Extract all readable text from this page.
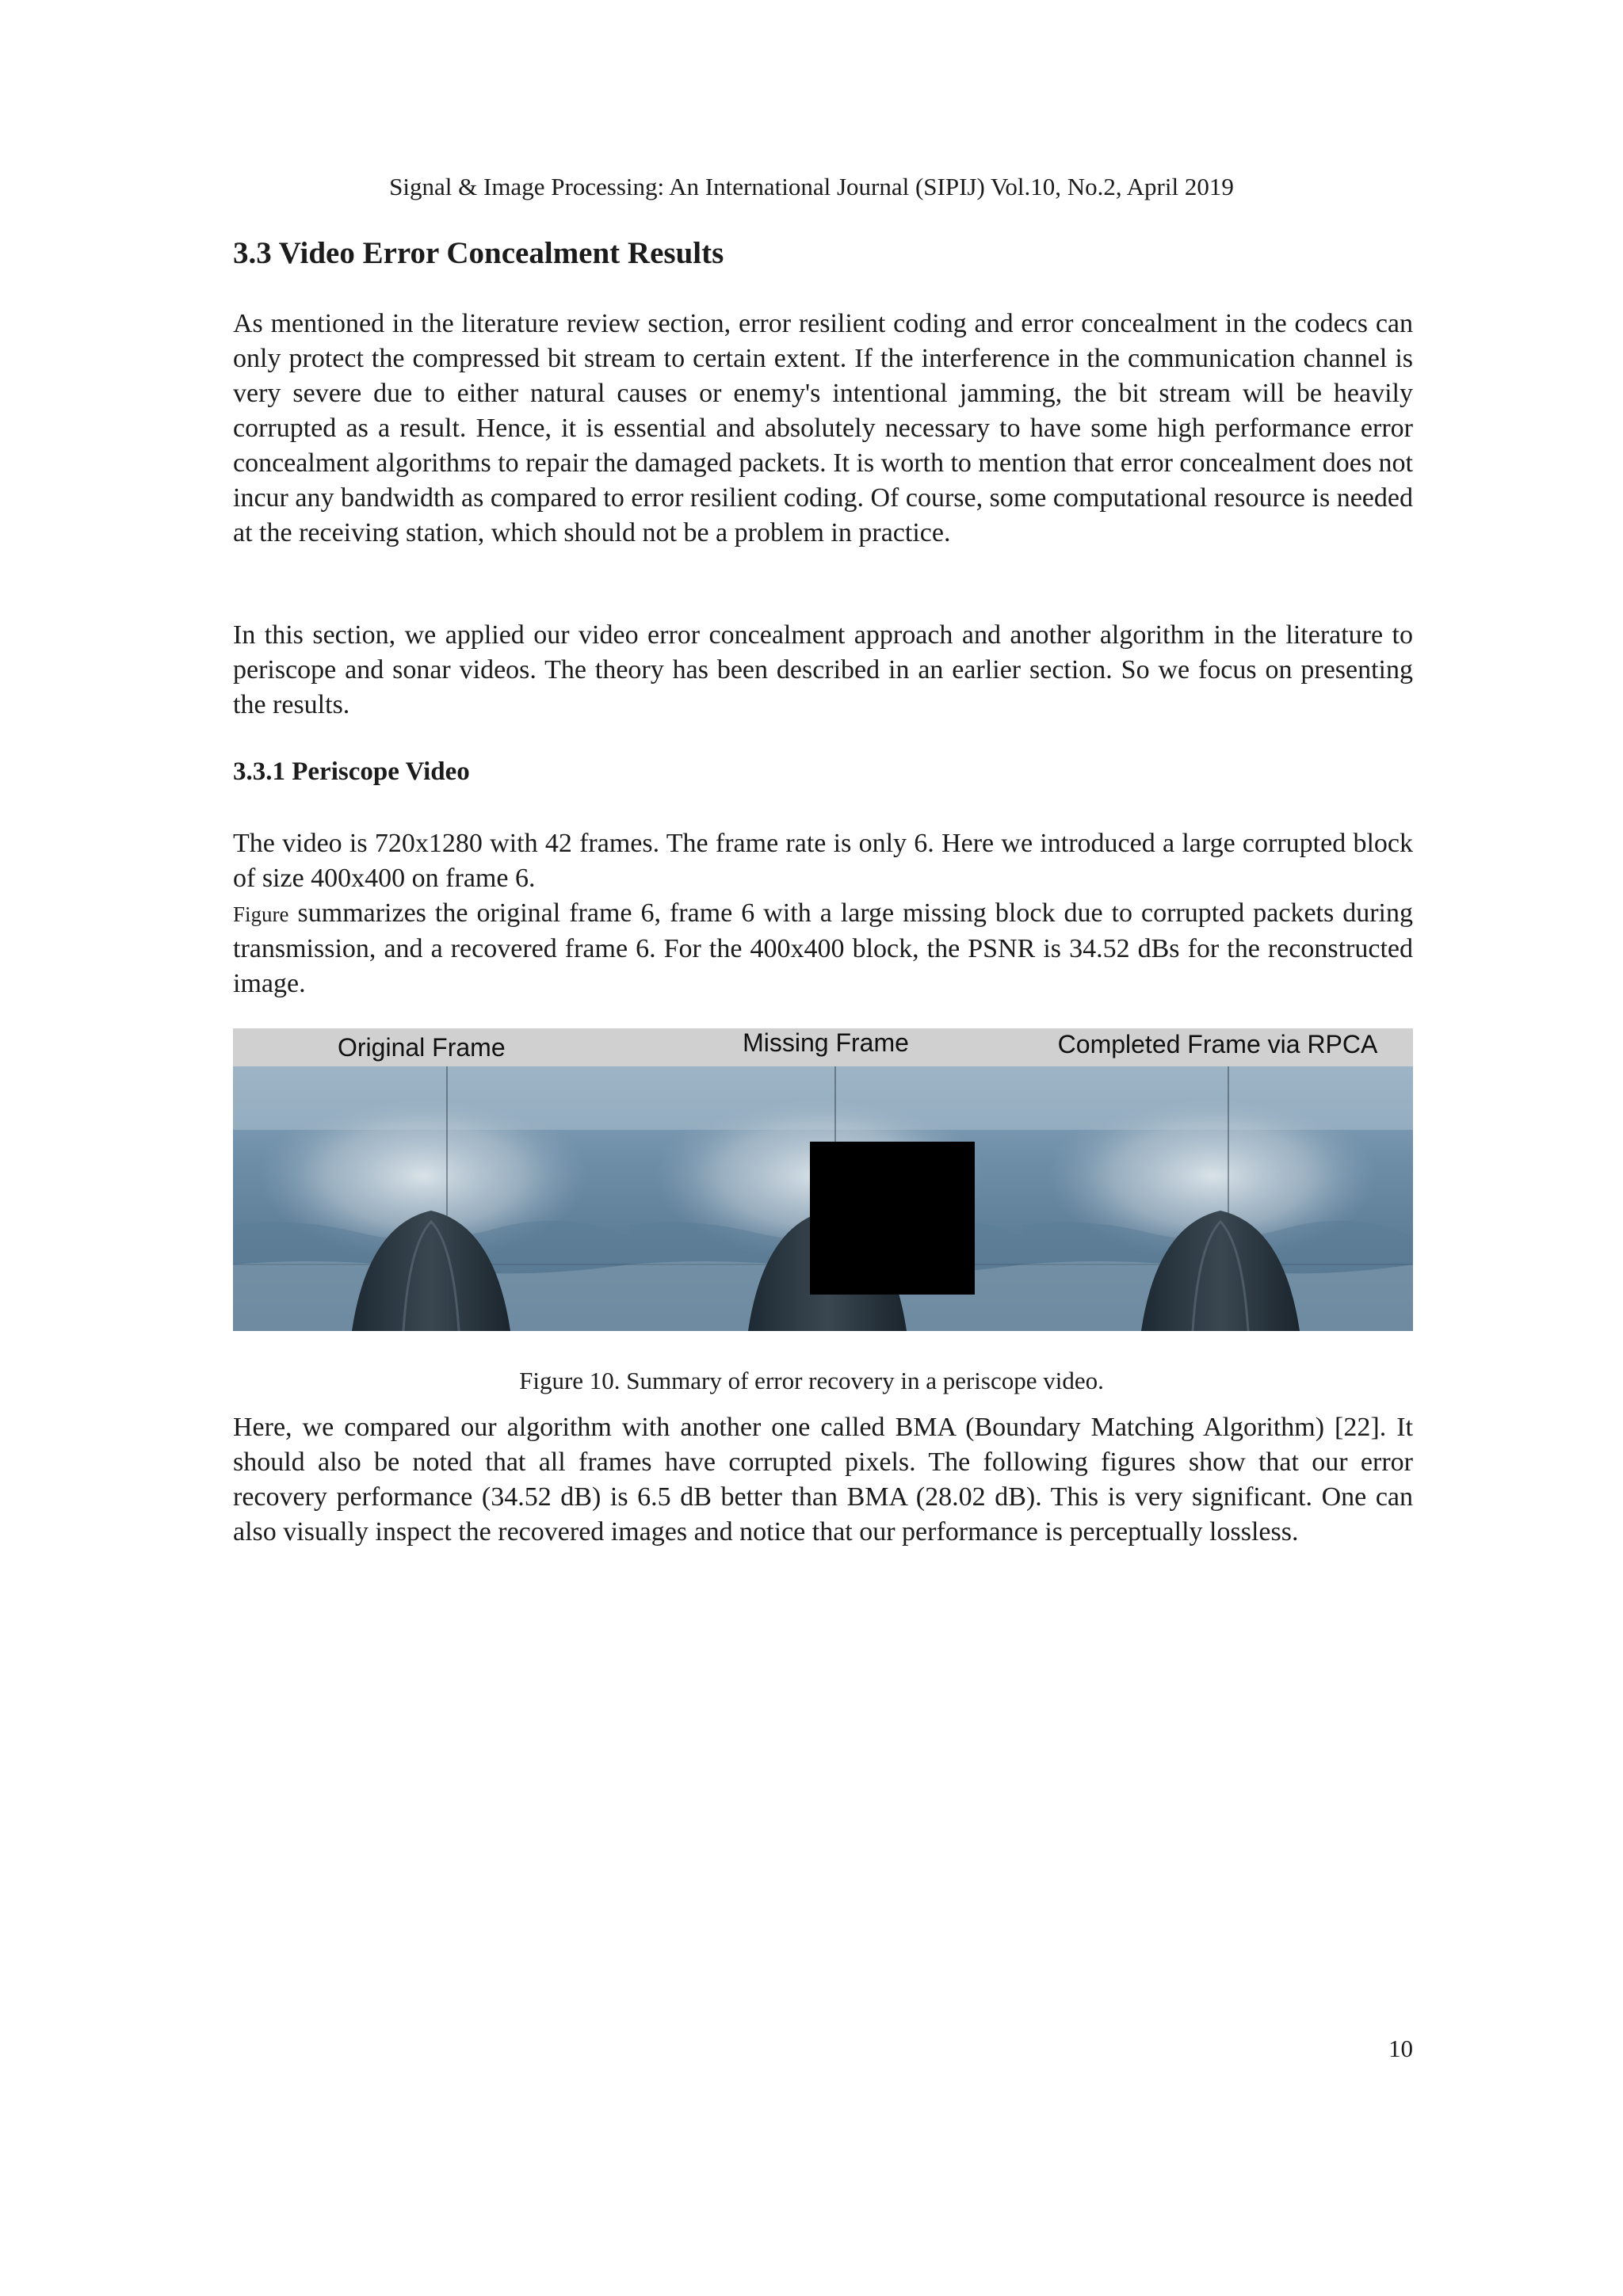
Signal & Image Processing: An International Journal (SIPIJ) Vol.10, No.2, April 2019
3.3 Video Error Concealment Results

As mentioned in the literature review section, error resilient coding and error concealment in the codecs can only protect the compressed bit stream to certain extent. If the interference in the communication channel is very severe due to either natural causes or enemy's intentional jamming, the bit stream will be heavily corrupted as a result. Hence, it is essential and absolutely necessary to have some high performance error concealment algorithms to repair the damaged packets. It is worth to mention that error concealment does not incur any bandwidth as compared to error resilient coding. Of course, some computational resource is needed at the receiving station, which should not be a problem in practice.

In this section, we applied our video error concealment approach and another algorithm in the literature to periscope and sonar videos. The theory has been described in an earlier section. So we focus on presenting the results.

3.3.1 Periscope Video

The video is 720x1280 with 42 frames. The frame rate is only 6. Here we introduced a large corrupted block of size 400x400 on frame 6.
Figure summarizes the original frame 6, frame 6 with a large missing block due to corrupted packets during transmission, and a recovered frame 6. For the 400x400 block, the PSNR is 34.52 dBs for the reconstructed image.

Original Frame	Missing Frame	Completed Frame via RPCA
Figure 10. Summary of error recovery in a periscope video.

Here, we compared our algorithm with another one called BMA (Boundary Matching Algorithm) [22]. It should also be noted that all frames have corrupted pixels. The following figures show that our error recovery performance (34.52 dB) is 6.5 dB better than BMA (28.02 dB). This is very significant. One can also visually inspect the recovered images and notice that our performance is perceptually lossless.

10
